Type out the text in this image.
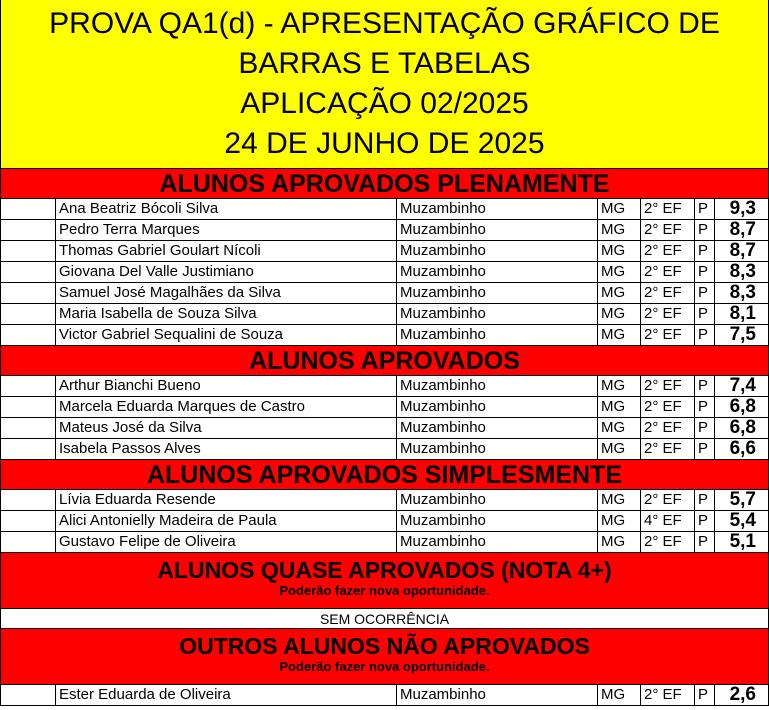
PROVA QA1(d) - APRESENTAÇÃO GRÁFICO DE
BARRAS E TABELAS
APLICAÇÃO 02/2025
24 DE JUNHO DE 2025
ALUNOS APROVADOS PLENAMENTE
Ana Beatriz Bócoli Silva	Muzambinho	MG	2° EF	P	9,3
Pedro Terra Marques	Muzambinho	MG	2° EF	P	8,7
Thomas Gabriel Goulart Nícoli	Muzambinho	MG	2° EF	P	8,7
Giovana Del Valle Justimiano	Muzambinho	MG	2° EF	P	8,3
Samuel José Magalhães da Silva	Muzambinho	MG	2° EF	P	8,3
Maria Isabella de Souza Silva	Muzambinho	MG	2° EF	P	8,1
Victor Gabriel Sequalini de Souza	Muzambinho	MG	2° EF	P	7,5
ALUNOS APROVADOS
Arthur Bianchi Bueno	Muzambinho	MG	2° EF	P	7,4
Marcela Eduarda Marques de Castro	Muzambinho	MG	2° EF	P	6,8
Mateus José da Silva	Muzambinho	MG	2° EF	P	6,8
Isabela Passos Alves	Muzambinho	MG	2° EF	P	6,6
ALUNOS APROVADOS SIMPLESMENTE
Lívia Eduarda Resende	Muzambinho	MG	2° EF	P	5,7
Alici Antonielly Madeira de Paula	Muzambinho	MG	4° EF	P	5,4
Gustavo Felipe de Oliveira	Muzambinho	MG	2° EF	P	5,1
ALUNOS QUASE APROVADOS (NOTA 4+)
Poderão fazer nova oportunidade.
SEM OCORRÊNCIA
OUTROS ALUNOS NÃO APROVADOS
Poderão fazer nova oportunidade.
Ester Eduarda de Oliveira	Muzambinho	MG	2° EF	P	2,6
